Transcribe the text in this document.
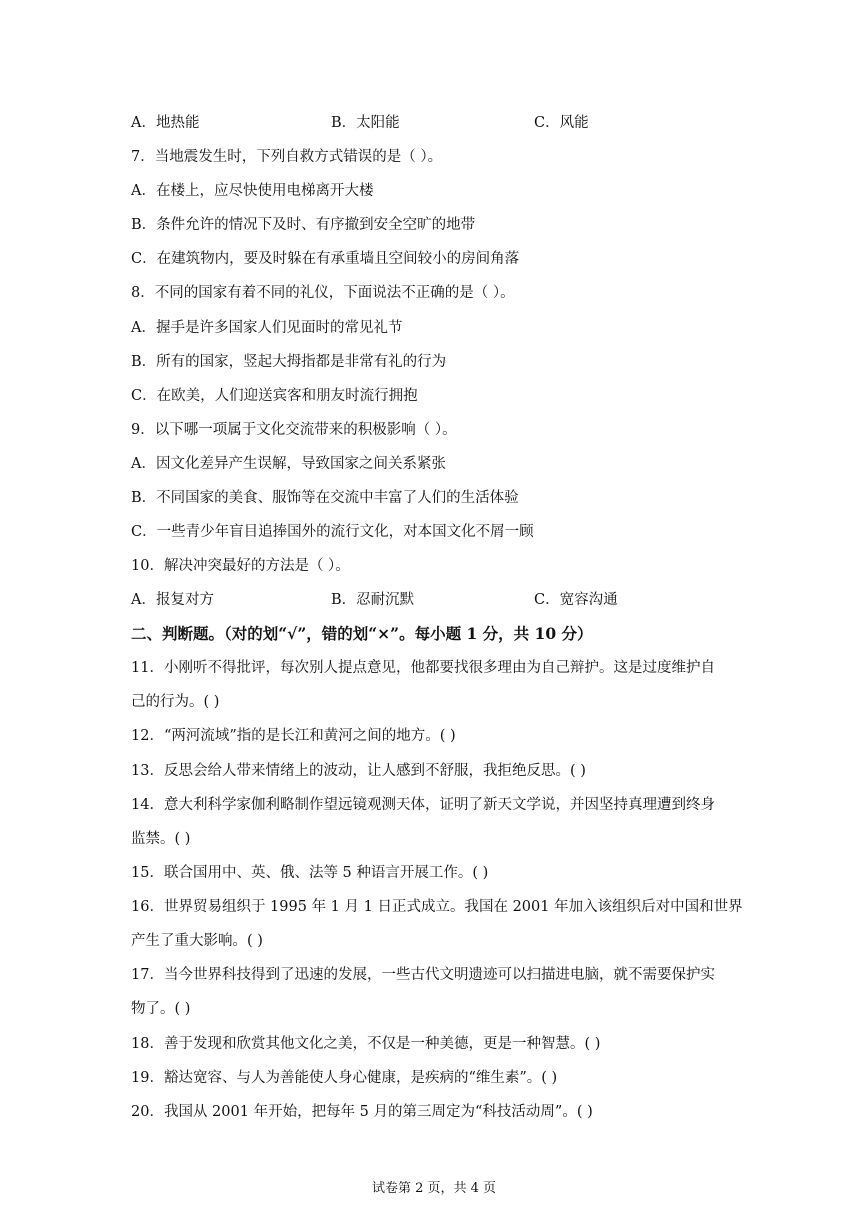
A．地热能	B．太阳能	C．风能
7．当地震发生时，下列自救方式错误的是（ ）。
A．在楼上，应尽快使用电梯离开大楼
B．条件允许的情况下及时、有序撤到安全空旷的地带
C．在建筑物内，要及时躲在有承重墙且空间较小的房间角落
8．不同的国家有着不同的礼仪，下面说法不正确的是（ ）。
A．握手是许多国家人们见面时的常见礼节
B．所有的国家，竖起大拇指都是非常有礼的行为
C．在欧美，人们迎送宾客和朋友时流行拥抱
9．以下哪一项属于文化交流带来的积极影响（ ）。
A．因文化差异产生误解，导致国家之间关系紧张
B．不同国家的美食、服饰等在交流中丰富了人们的生活体验
C．一些青少年盲目追捧国外的流行文化，对本国文化不屑一顾
10．解决冲突最好的方法是（ ）。
A．报复对方	B．忍耐沉默	C．宽容沟通
二、判断题。（对的划“√”，错的划“×”。每小题 1 分，共 10 分）
11．小刚听不得批评，每次别人提点意见，他都要找很多理由为自己辩护。这是过度维护自
己的行为。( )
12．“两河流域”指的是长江和黄河之间的地方。( )
13．反思会给人带来情绪上的波动，让人感到不舒服，我拒绝反思。( )
14．意大利科学家伽利略制作望远镜观测天体，证明了新天文学说，并因坚持真理遭到终身
监禁。( )
15．联合国用中、英、俄、法等 5 种语言开展工作。( )
16．世界贸易组织于 1995 年 1 月 1 日正式成立。我国在 2001 年加入该组织后对中国和世界
产生了重大影响。( )
17．当今世界科技得到了迅速的发展，一些古代文明遗迹可以扫描进电脑，就不需要保护实
物了。( )
18．善于发现和欣赏其他文化之美，不仅是一种美德，更是一种智慧。( )
19．豁达宽容、与人为善能使人身心健康，是疾病的“维生素”。( )
20．我国从 2001 年开始，把每年 5 月的第三周定为“科技活动周”。( )
试卷第 2 页，共 4 页
